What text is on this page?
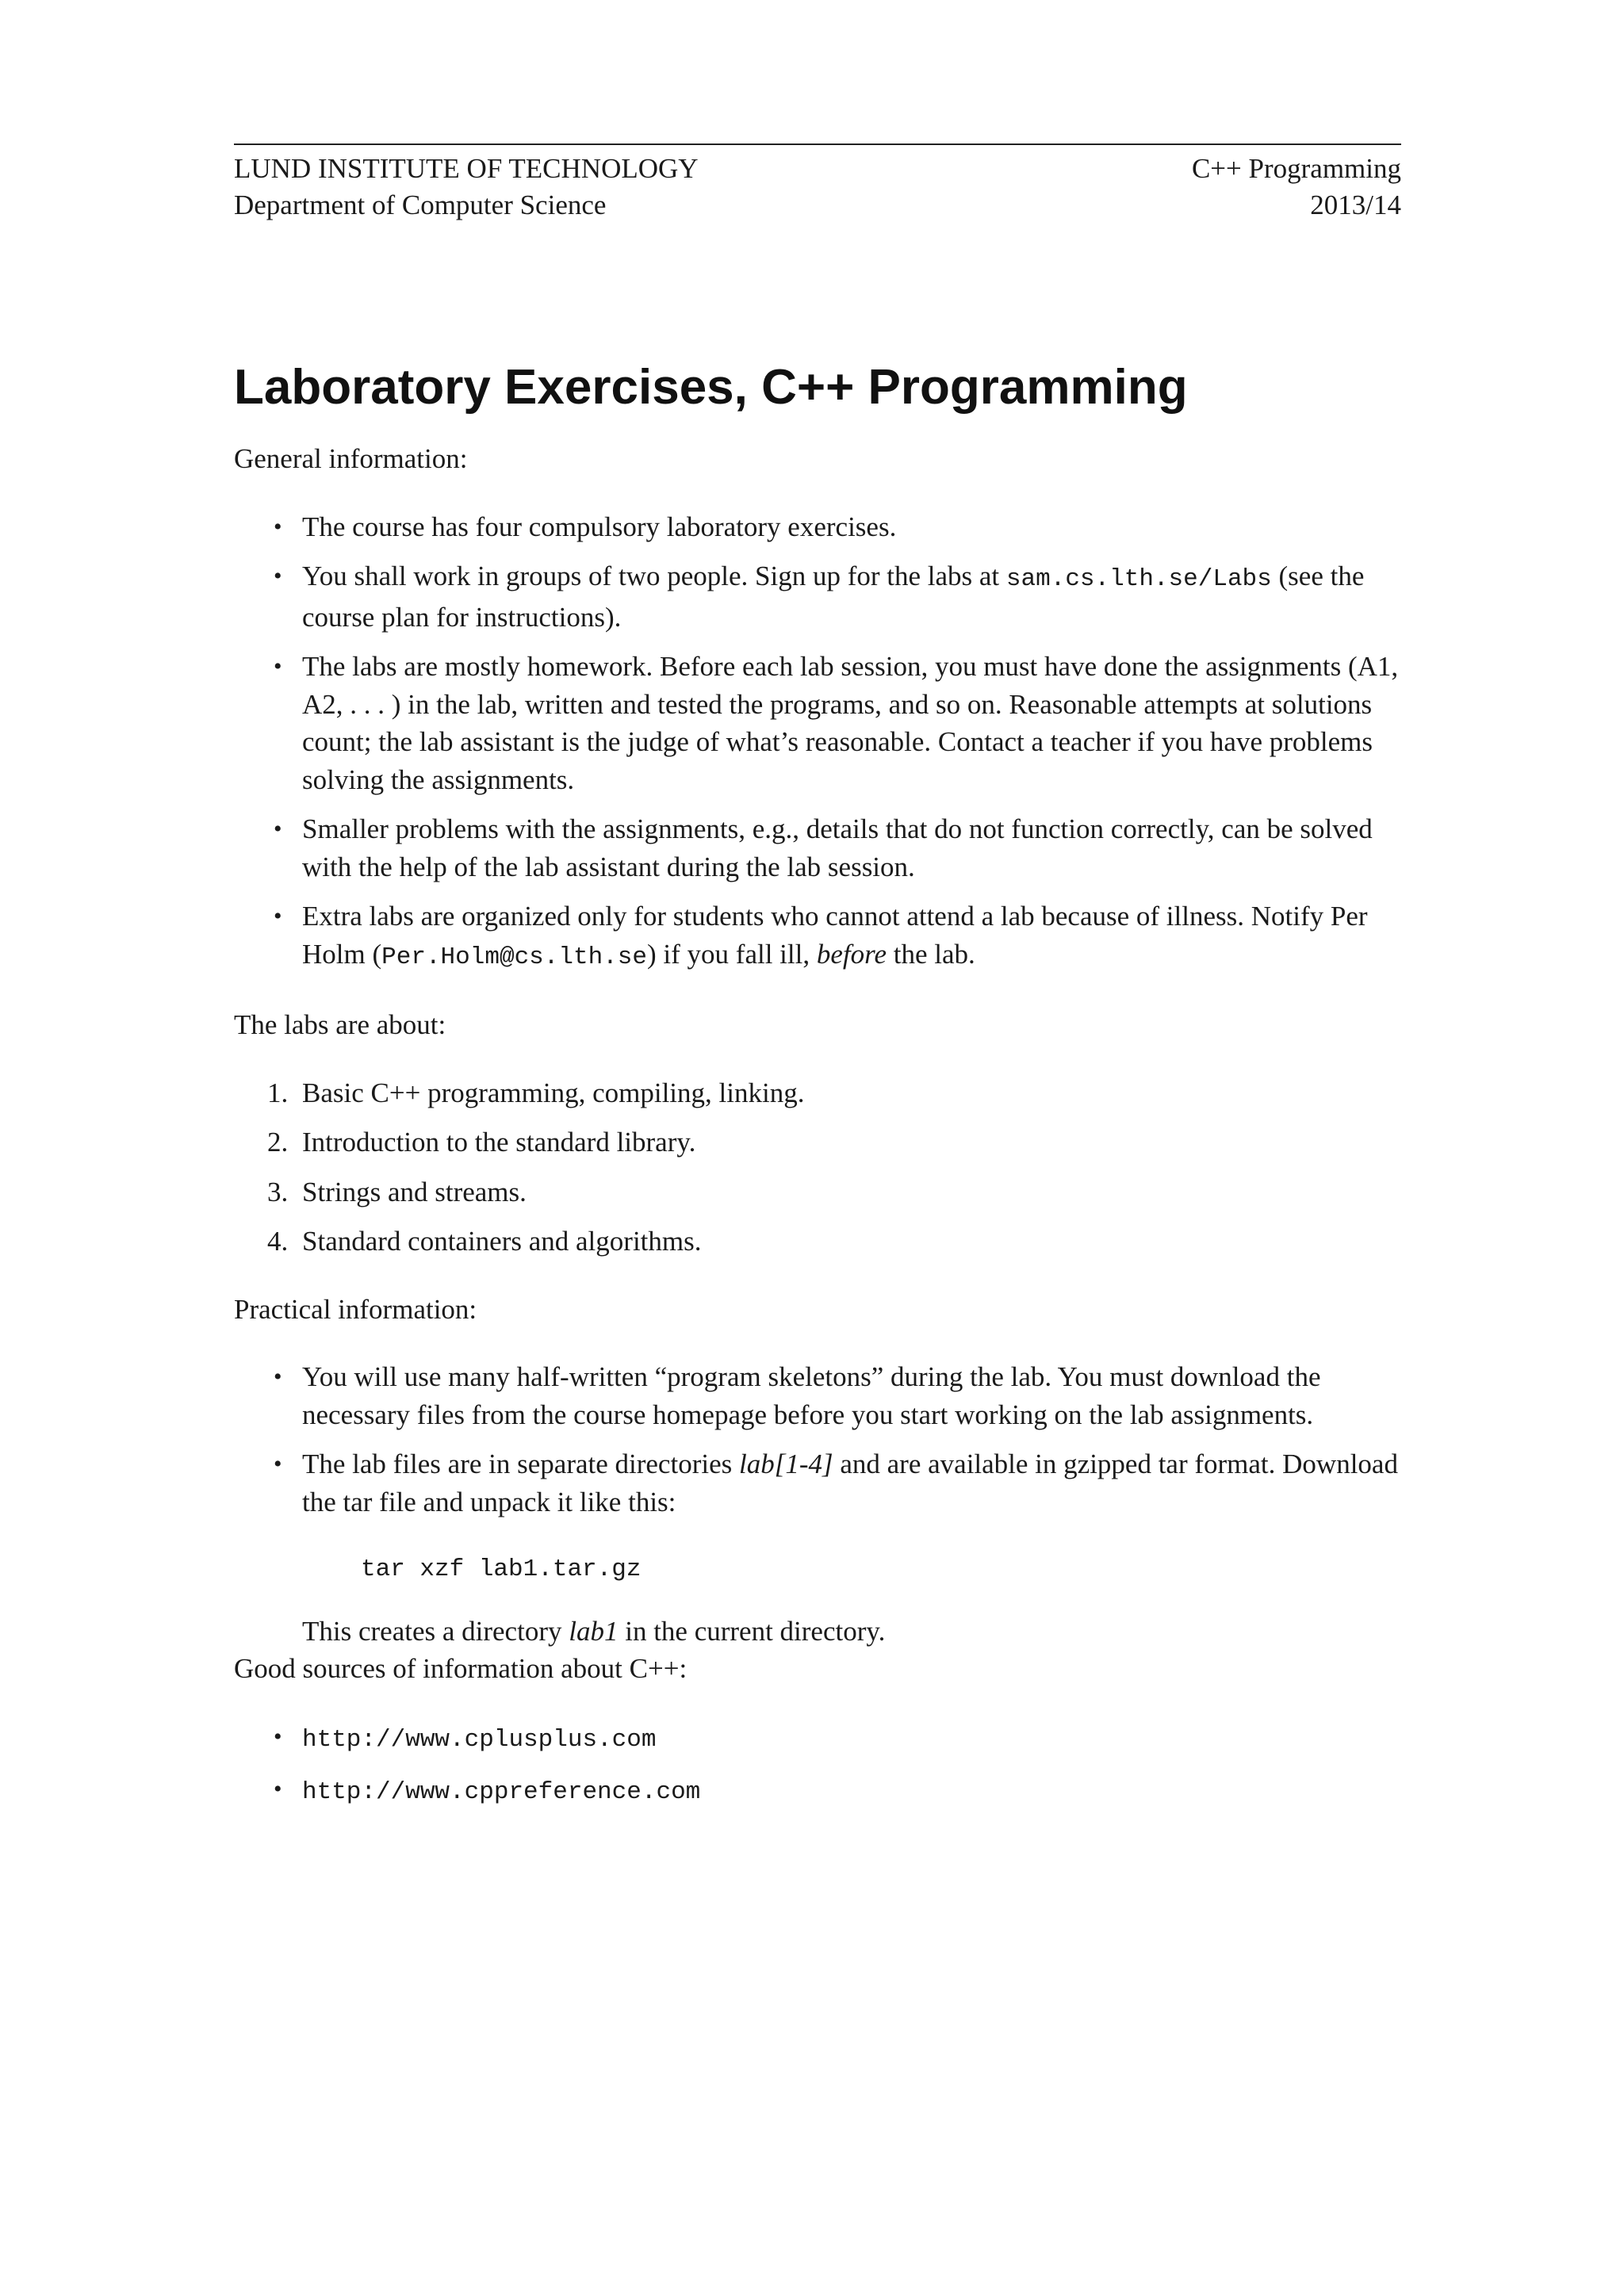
LUND INSTITUTE OF TECHNOLOGY
Department of Computer Science
C++ Programming
2013/14
Laboratory Exercises, C++ Programming

General information:

• The course has four compulsory laboratory exercises.
• You shall work in groups of two people. Sign up for the labs at sam.cs.lth.se/Labs (see the course plan for instructions).
• The labs are mostly homework. Before each lab session, you must have done the assignments (A1, A2, . . . ) in the lab, written and tested the programs, and so on. Reasonable attempts at solutions count; the lab assistant is the judge of what’s reasonable. Contact a teacher if you have problems solving the assignments.
• Smaller problems with the assignments, e.g., details that do not function correctly, can be solved with the help of the lab assistant during the lab session.
• Extra labs are organized only for students who cannot attend a lab because of illness. Notify Per Holm (Per.Holm@cs.lth.se) if you fall ill, before the lab.

The labs are about:

1. Basic C++ programming, compiling, linking.
2. Introduction to the standard library.
3. Strings and streams.
4. Standard containers and algorithms.

Practical information:

• You will use many half-written “program skeletons” during the lab. You must download the necessary files from the course homepage before you start working on the lab assignments.
• The lab files are in separate directories lab[1-4] and are available in gzipped tar format. Download the tar file and unpack it like this:
tar xzf lab1.tar.gz

This creates a directory lab1 in the current directory.

Good sources of information about C++:

• http://www.cplusplus.com
• http://www.cppreference.com
